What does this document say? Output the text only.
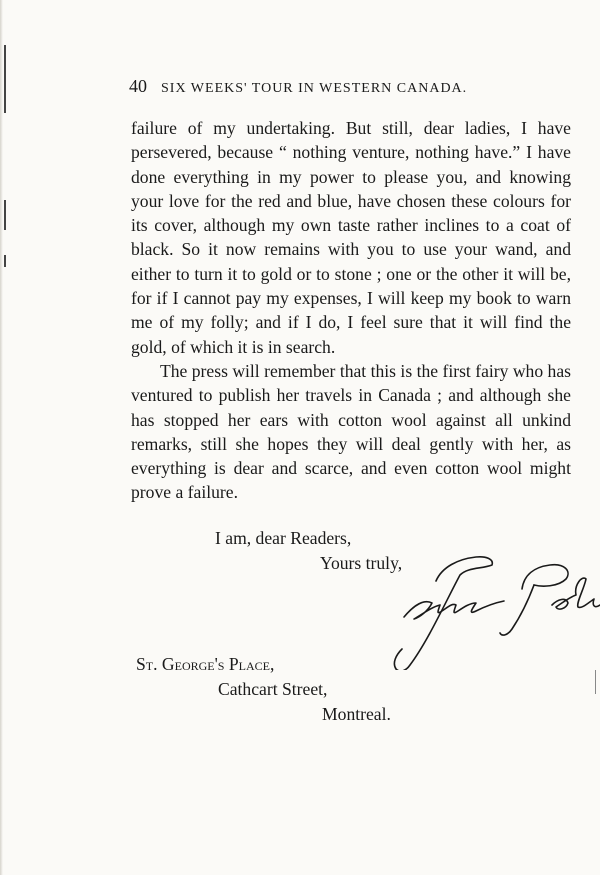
40 SIX WEEKS' TOUR IN WESTERN CANADA.

failure of my undertaking. But still, dear ladies, I have persevered, because “ nothing venture, nothing have.” I have done everything in my power to please you, and knowing your love for the red and blue, have chosen these colours for its cover, although my own taste rather inclines to a coat of black. So it now remains with you to use your wand, and either to turn it to gold or to stone ; one or the other it will be, for if I cannot pay my expenses, I will keep my book to warn me of my folly; and if I do, I feel sure that it will find the gold, of which it is in search.

The press will remember that this is the first fairy who has ventured to publish her travels in Canada ; and although she has stopped her ears with cotton wool against all unkind remarks, still she hopes they will deal gently with her, as everything is dear and scarce, and even cotton wool might prove a failure.

I am, dear Readers,
Yours truly,
St. George's Place,
Cathcart Street,
Montreal.
